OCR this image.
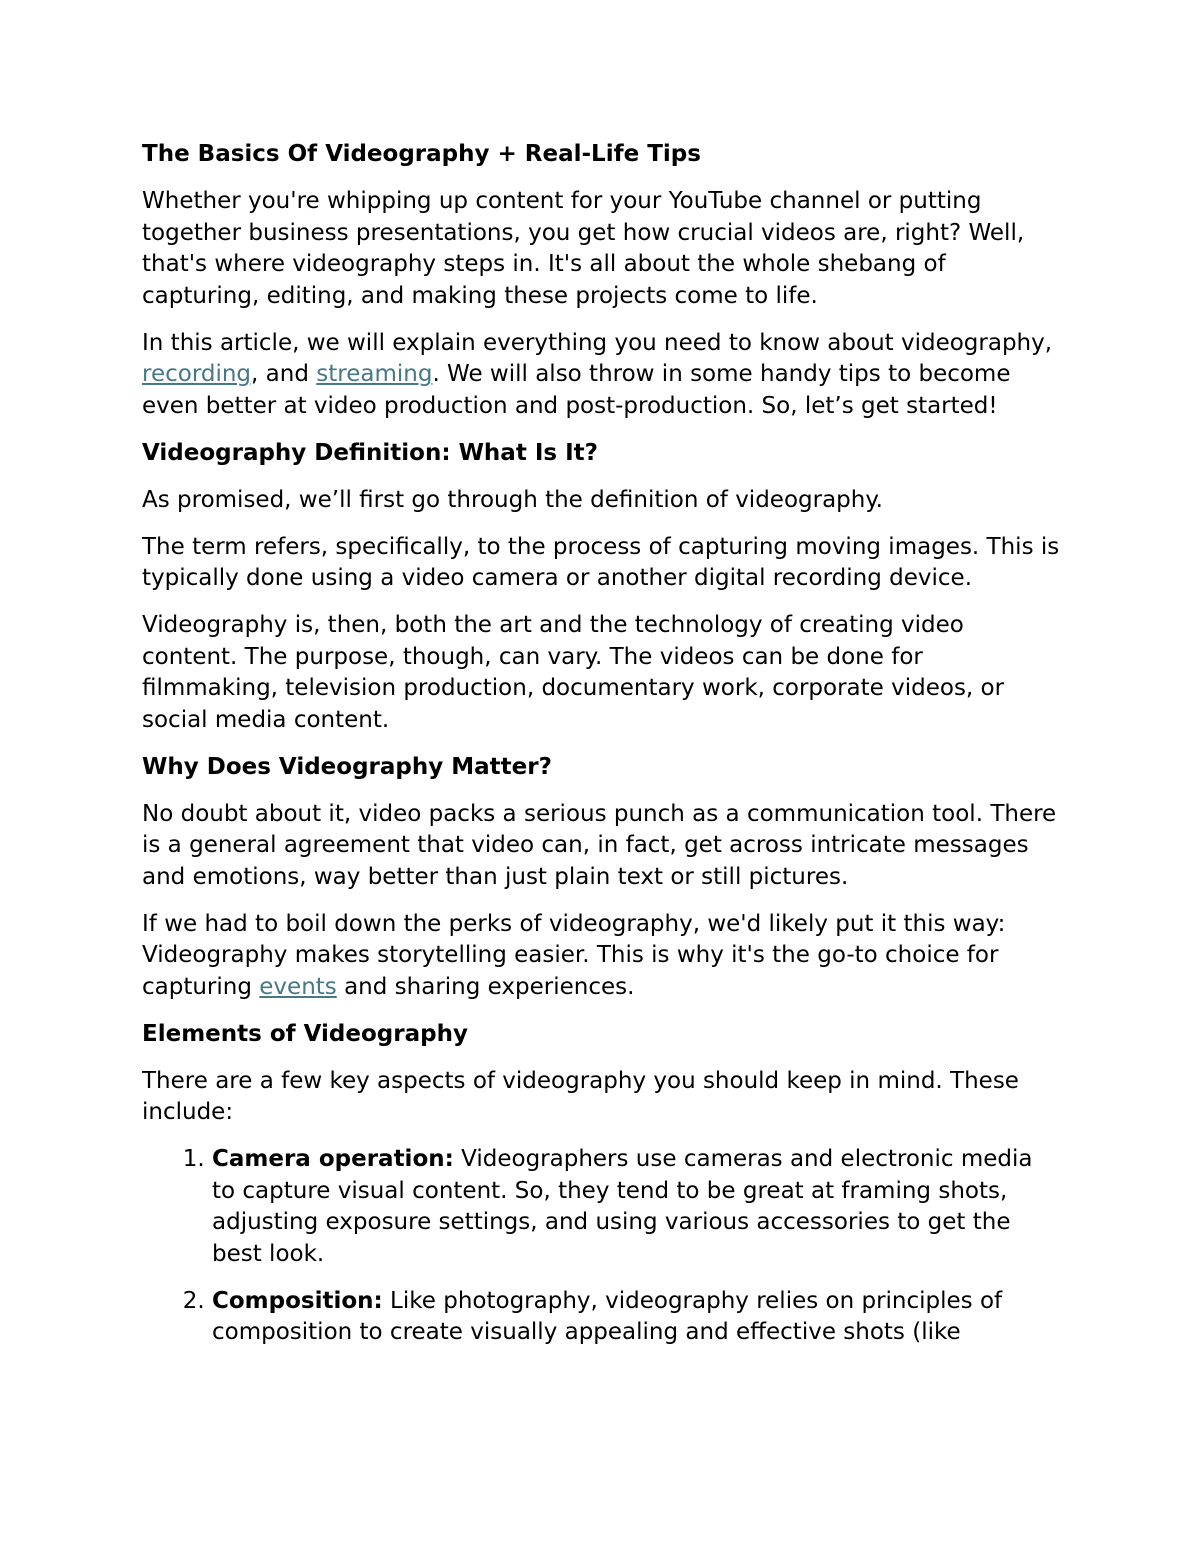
The Basics Of Videography + Real-Life Tips

Whether you're whipping up content for your YouTube channel or putting together business presentations, you get how crucial videos are, right? Well, that's where videography steps in. It's all about the whole shebang of capturing, editing, and making these projects come to life.

In this article, we will explain everything you need to know about videography, recording, and streaming. We will also throw in some handy tips to become even better at video production and post-production. So, let’s get started!

Videography Definition: What Is It?

As promised, we’ll first go through the definition of videography.

The term refers, specifically, to the process of capturing moving images. This is typically done using a video camera or another digital recording device.

Videography is, then, both the art and the technology of creating video content. The purpose, though, can vary. The videos can be done for filmmaking, television production, documentary work, corporate videos, or social media content.

Why Does Videography Matter?

No doubt about it, video packs a serious punch as a communication tool. There is a general agreement that video can, in fact, get across intricate messages and emotions, way better than just plain text or still pictures.

If we had to boil down the perks of videography, we'd likely put it this way: Videography makes storytelling easier. This is why it's the go-to choice for capturing events and sharing experiences.

Elements of Videography

There are a few key aspects of videography you should keep in mind. These include:

1. Camera operation: Videographers use cameras and electronic media to capture visual content. So, they tend to be great at framing shots, adjusting exposure settings, and using various accessories to get the best look.
2. Composition: Like photography, videography relies on principles of composition to create visually appealing and effective shots (like
